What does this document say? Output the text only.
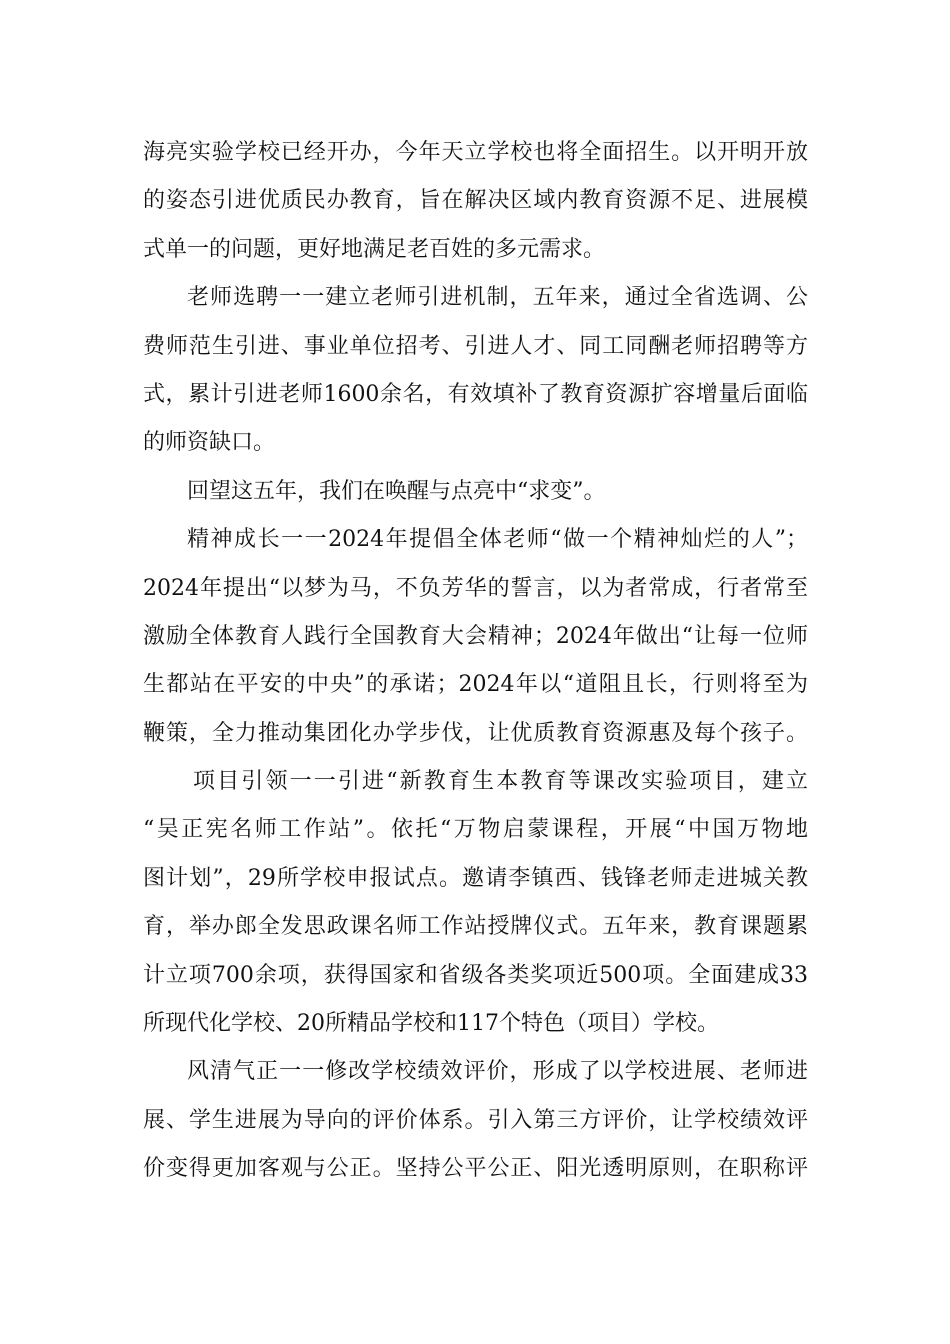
海亮实验学校已经开办，今年天立学校也将全面招生。以开明开放
的姿态引进优质民办教育，旨在解决区域内教育资源不足、进展模
式单一的问题，更好地满足老百姓的多元需求。
老师选聘一一建立老师引进机制，五年来，通过全省选调、公
费师范生引进、事业单位招考、引进人才、同工同酬老师招聘等方
式，累计引进老师1600余名，有效填补了教育资源扩容增量后面临
的师资缺口。
回望这五年，我们在唤醒与点亮中“求变”。
精神成长一一2024年提倡全体老师“做一个精神灿烂的人”；
2024年提出“以梦为马，不负芳华的誓言，以为者常成，行者常至
激励全体教育人践行全国教育大会精神；2024年做出“让每一位师
生都站在平安的中央”的承诺；2024年以“道阻且长，行则将至为
鞭策，全力推动集团化办学步伐，让优质教育资源惠及每个孩子。
项目引领一一引进“新教育生本教育等课改实验项目，建立
“吴正宪名师工作站”。依托“万物启蒙课程，开展“中国万物地
图计划”，29所学校申报试点。邀请李镇西、钱锋老师走进城关教
育，举办郎全发思政课名师工作站授牌仪式。五年来，教育课题累
计立项700余项，获得国家和省级各类奖项近500项。全面建成33
所现代化学校、20所精品学校和117个特色（项目）学校。
风清气正一一修改学校绩效评价，形成了以学校进展、老师进
展、学生进展为导向的评价体系。引入第三方评价，让学校绩效评
价变得更加客观与公正。坚持公平公正、阳光透明原则，在职称评
